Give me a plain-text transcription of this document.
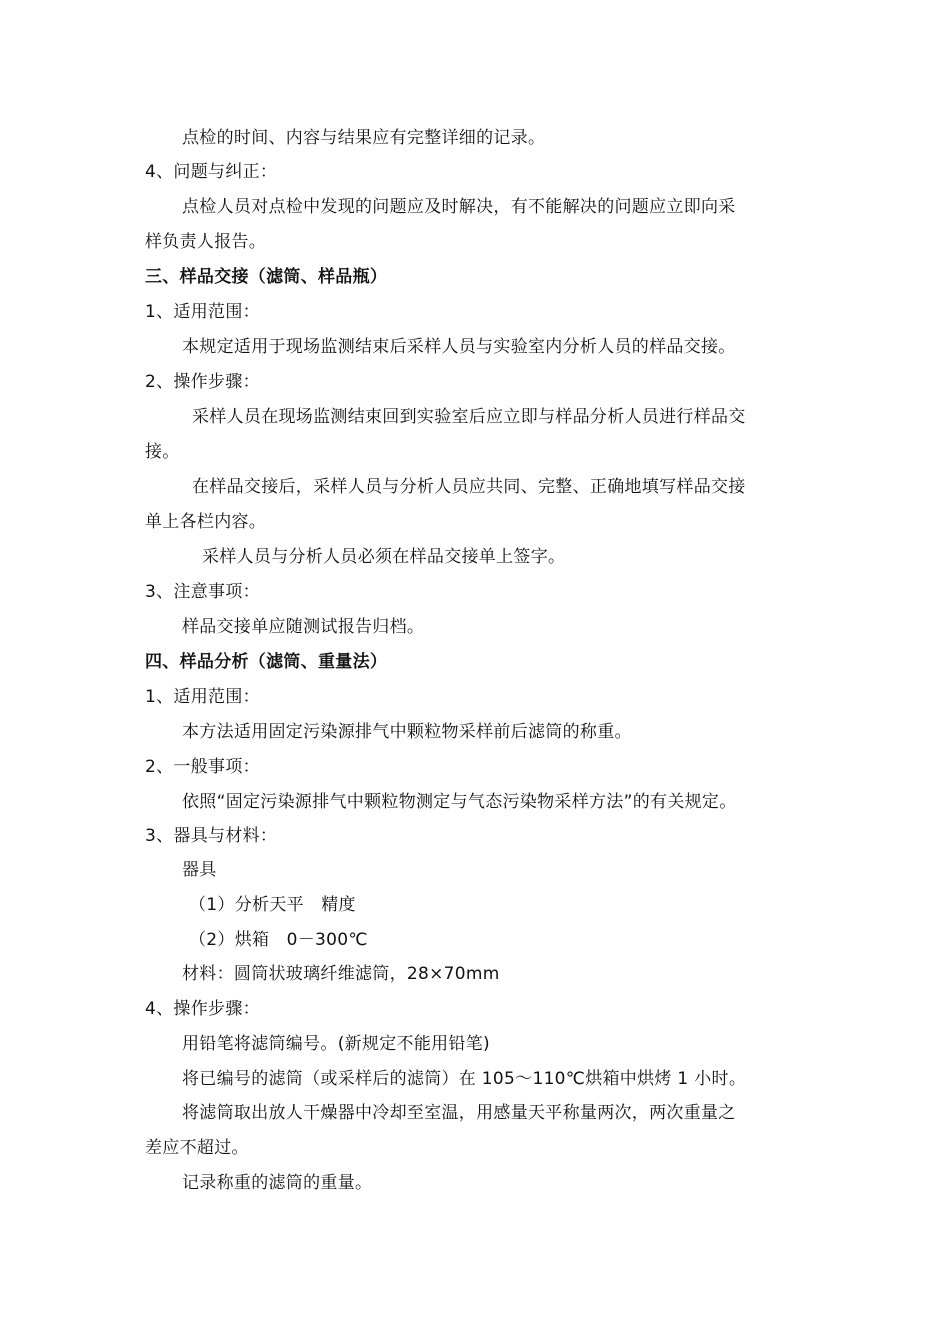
点检的时间、内容与结果应有完整详细的记录。
4、问题与纠正：
点检人员对点检中发现的问题应及时解决，有不能解决的问题应立即向采
样负责人报告。
三、样品交接（滤筒、样品瓶）
1、适用范围：
本规定适用于现场监测结束后采样人员与实验室内分析人员的样品交接。
2、操作步骤：
采样人员在现场监测结束回到实验室后应立即与样品分析人员进行样品交
接。
在样品交接后，采样人员与分析人员应共同、完整、正确地填写样品交接
单上各栏内容。
采样人员与分析人员必须在样品交接单上签字。
3、注意事项：
样品交接单应随测试报告归档。
四、样品分析（滤筒、重量法）
1、适用范围：
本方法适用固定污染源排气中颗粒物采样前后滤筒的称重。
2、一般事项：
依照“固定污染源排气中颗粒物测定与气态污染物采样方法”的有关规定。
3、器具与材料：
器具
（1）分析天平　精度
（2）烘箱　0－300℃
材料：圆筒状玻璃纤维滤筒，28×70mm
4、操作步骤：
用铅笔将滤筒编号。(新规定不能用铅笔)
将已编号的滤筒（或采样后的滤筒）在 105～110℃烘箱中烘烤 1 小时。
将滤筒取出放人干燥器中冷却至室温，用感量天平称量两次，两次重量之
差应不超过。
记录称重的滤筒的重量。
